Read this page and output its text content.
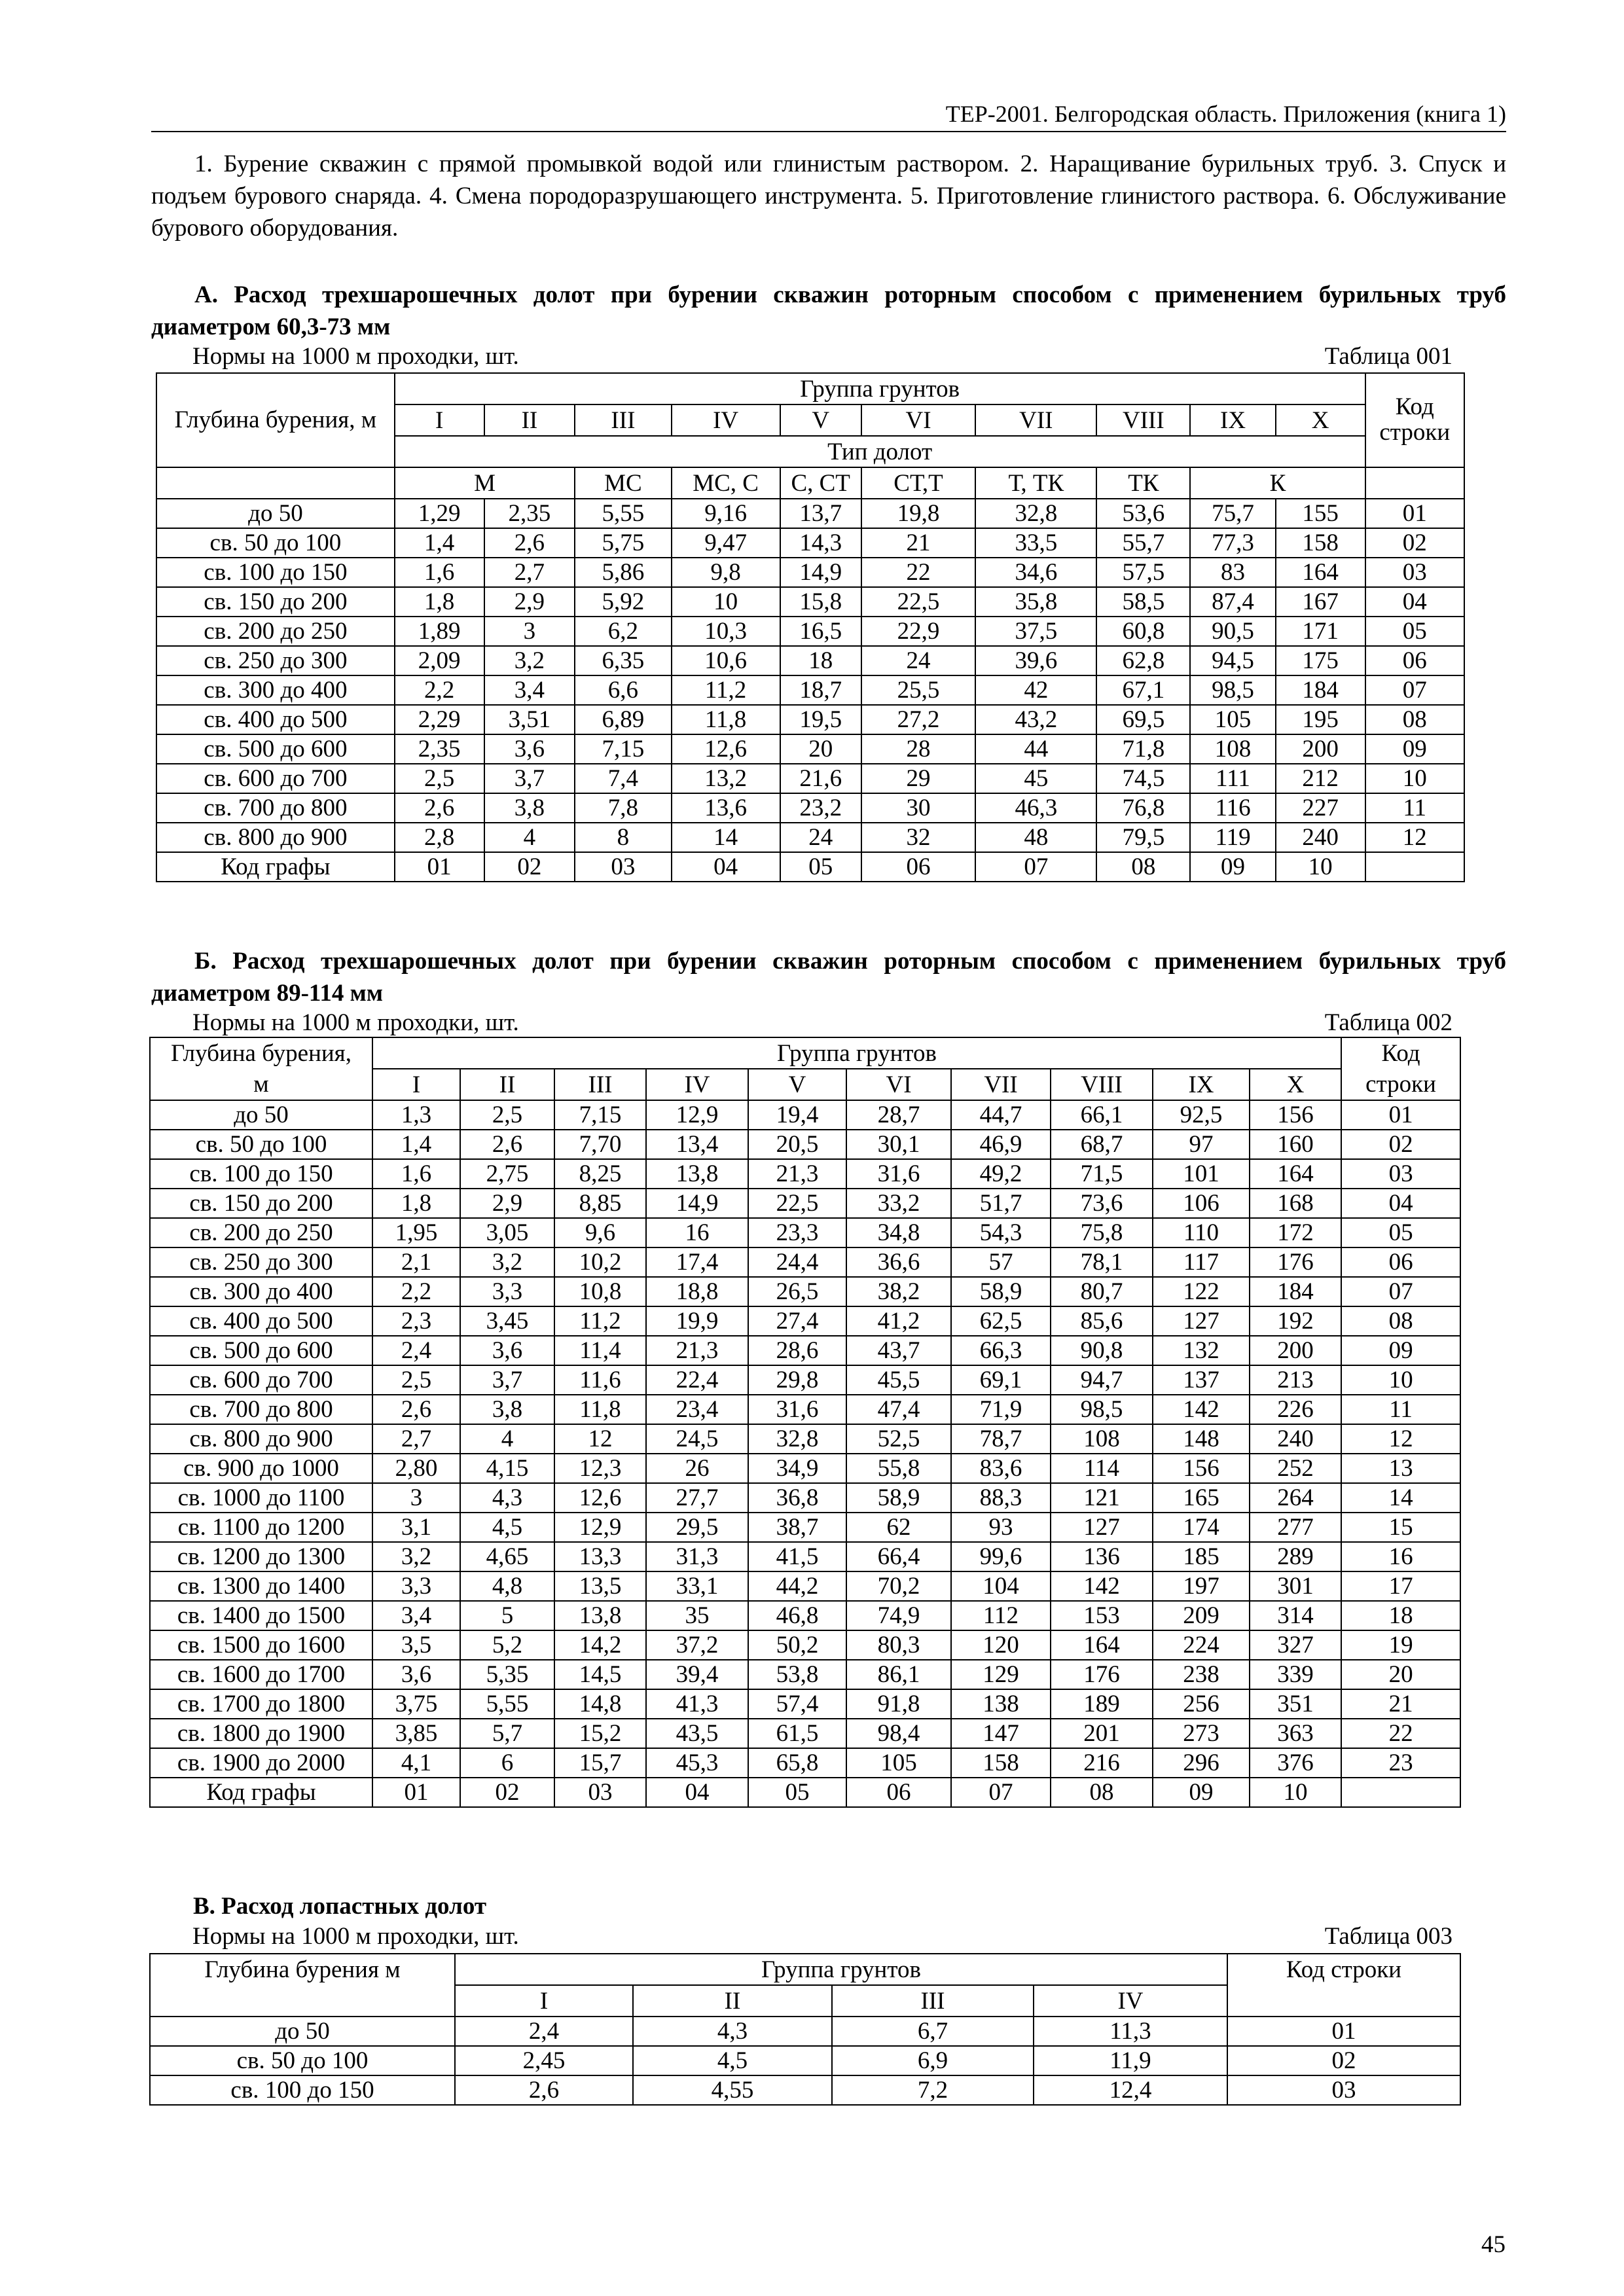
ТЕР-2001. Белгородская область. Приложения (книга 1)
1. Бурение скважин с прямой промывкой водой или глинистым раствором. 2. Наращивание бурильных труб. 3. Спуск и подъем бурового снаряда. 4. Смена породоразрушающего инструмента. 5. Приготовление глинистого раствора. 6. Обслуживание бурового оборудования.
А. Расход трехшарошечных долот при бурении скважин роторным способом с применением бурильных труб диаметром 60,3-73 мм
Нормы на 1000 м проходки, шт.	Таблица 001
Глубина бурения, м	Группа грунтов										Код строки
	I	II	III	IV	V	VI	VII	VIII	IX	X	
	Тип долот										
	М		МС	МС, С	С, СТ	СТ,Т	Т, ТК	ТК	К		
до 50	1,29	2,35	5,55	9,16	13,7	19,8	32,8	53,6	75,7	155	01
св. 50 до 100	1,4	2,6	5,75	9,47	14,3	21	33,5	55,7	77,3	158	02
св. 100 до 150	1,6	2,7	5,86	9,8	14,9	22	34,6	57,5	83	164	03
св. 150 до 200	1,8	2,9	5,92	10	15,8	22,5	35,8	58,5	87,4	167	04
св. 200 до 250	1,89	3	6,2	10,3	16,5	22,9	37,5	60,8	90,5	171	05
св. 250 до 300	2,09	3,2	6,35	10,6	18	24	39,6	62,8	94,5	175	06
св. 300 до 400	2,2	3,4	6,6	11,2	18,7	25,5	42	67,1	98,5	184	07
св. 400 до 500	2,29	3,51	6,89	11,8	19,5	27,2	43,2	69,5	105	195	08
св. 500 до 600	2,35	3,6	7,15	12,6	20	28	44	71,8	108	200	09
св. 600 до 700	2,5	3,7	7,4	13,2	21,6	29	45	74,5	111	212	10
св. 700 до 800	2,6	3,8	7,8	13,6	23,2	30	46,3	76,8	116	227	11
св. 800 до 900	2,8	4	8	14	24	32	48	79,5	119	240	12
Код графы	01	02	03	04	05	06	07	08	09	10	
Б. Расход трехшарошечных долот при бурении скважин роторным способом с применением бурильных труб диаметром 89-114 мм
Нормы на 1000 м проходки, шт.	Таблица 002
Глубина бурения,	Группа грунтов										Код
м	I	II	III	IV	V	VI	VII	VIII	IX	X	строки
до 50	1,3	2,5	7,15	12,9	19,4	28,7	44,7	66,1	92,5	156	01
св. 50 до 100	1,4	2,6	7,70	13,4	20,5	30,1	46,9	68,7	97	160	02
св. 100 до 150	1,6	2,75	8,25	13,8	21,3	31,6	49,2	71,5	101	164	03
св. 150 до 200	1,8	2,9	8,85	14,9	22,5	33,2	51,7	73,6	106	168	04
св. 200 до 250	1,95	3,05	9,6	16	23,3	34,8	54,3	75,8	110	172	05
св. 250 до 300	2,1	3,2	10,2	17,4	24,4	36,6	57	78,1	117	176	06
св. 300 до 400	2,2	3,3	10,8	18,8	26,5	38,2	58,9	80,7	122	184	07
св. 400 до 500	2,3	3,45	11,2	19,9	27,4	41,2	62,5	85,6	127	192	08
св. 500 до 600	2,4	3,6	11,4	21,3	28,6	43,7	66,3	90,8	132	200	09
св. 600 до 700	2,5	3,7	11,6	22,4	29,8	45,5	69,1	94,7	137	213	10
св. 700 до 800	2,6	3,8	11,8	23,4	31,6	47,4	71,9	98,5	142	226	11
св. 800 до 900	2,7	4	12	24,5	32,8	52,5	78,7	108	148	240	12
св. 900 до 1000	2,80	4,15	12,3	26	34,9	55,8	83,6	114	156	252	13
св. 1000 до 1100	3	4,3	12,6	27,7	36,8	58,9	88,3	121	165	264	14
св. 1100 до 1200	3,1	4,5	12,9	29,5	38,7	62	93	127	174	277	15
св. 1200 до 1300	3,2	4,65	13,3	31,3	41,5	66,4	99,6	136	185	289	16
св. 1300 до 1400	3,3	4,8	13,5	33,1	44,2	70,2	104	142	197	301	17
св. 1400 до 1500	3,4	5	13,8	35	46,8	74,9	112	153	209	314	18
св. 1500 до 1600	3,5	5,2	14,2	37,2	50,2	80,3	120	164	224	327	19
св. 1600 до 1700	3,6	5,35	14,5	39,4	53,8	86,1	129	176	238	339	20
св. 1700 до 1800	3,75	5,55	14,8	41,3	57,4	91,8	138	189	256	351	21
св. 1800 до 1900	3,85	5,7	15,2	43,5	61,5	98,4	147	201	273	363	22
св. 1900 до 2000	4,1	6	15,7	45,3	65,8	105	158	216	296	376	23
Код графы	01	02	03	04	05	06	07	08	09	10	
В. Расход лопастных долот
Нормы на 1000 м проходки, шт.	Таблица 003
Глубина бурения м	Группа грунтов				Код строки
	I	II	III	IV	
до 50	2,4	4,3	6,7	11,3	01
св. 50 до 100	2,45	4,5	6,9	11,9	02
св. 100 до 150	2,6	4,55	7,2	12,4	03
45
